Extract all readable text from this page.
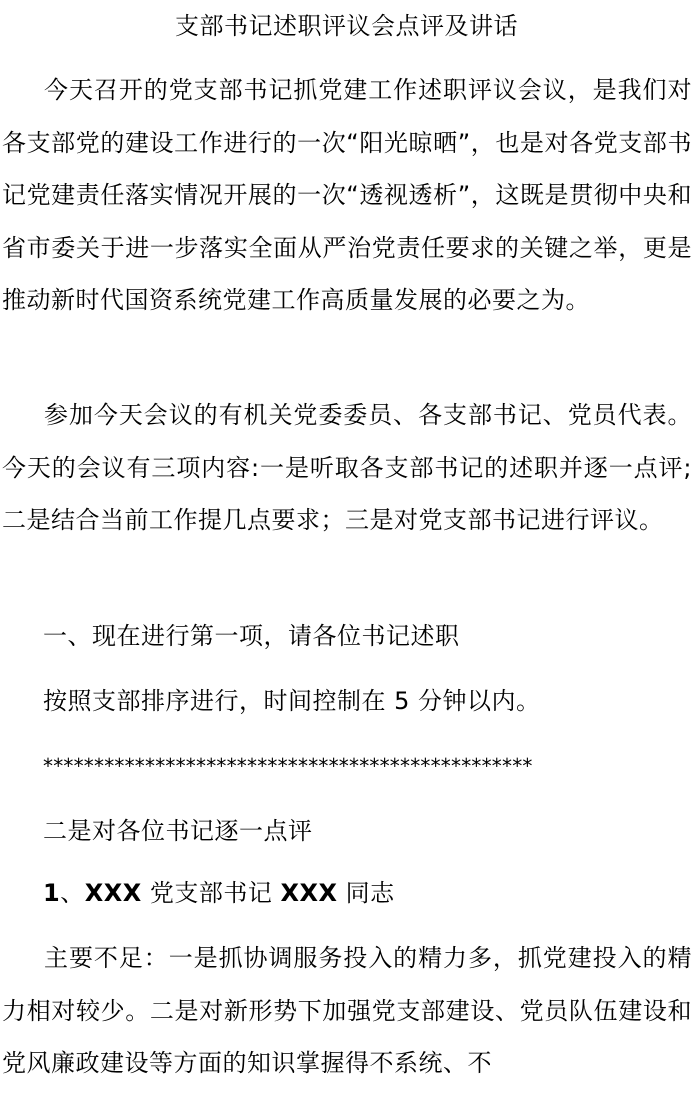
支部书记述职评议会点评及讲话

今天召开的党支部书记抓党建工作述职评议会议，是我们对各支部党的建设工作进行的一次“阳光晾晒”，也是对各党支部书记党建责任落实情况开展的一次“透视透析”，这既是贯彻中央和省市委关于进一步落实全面从严治党责任要求的关键之举，更是推动新时代国资系统党建工作高质量发展的必要之为。

参加今天会议的有机关党委委员、各支部书记、党员代表。今天的会议有三项内容:一是听取各支部书记的述职并逐一点评;二是结合当前工作提几点要求；三是对党支部书记进行评议。

一、现在进行第一项，请各位书记述职

按照支部排序进行，时间控制在 5 分钟以内。

************************************************

二是对各位书记逐一点评

1、XXX 党支部书记 XXX 同志

主要不足：一是抓协调服务投入的精力多，抓党建投入的精力相对较少。二是对新形势下加强党支部建设、党员队伍建设和党风廉政建设等方面的知识掌握得不系统、不
